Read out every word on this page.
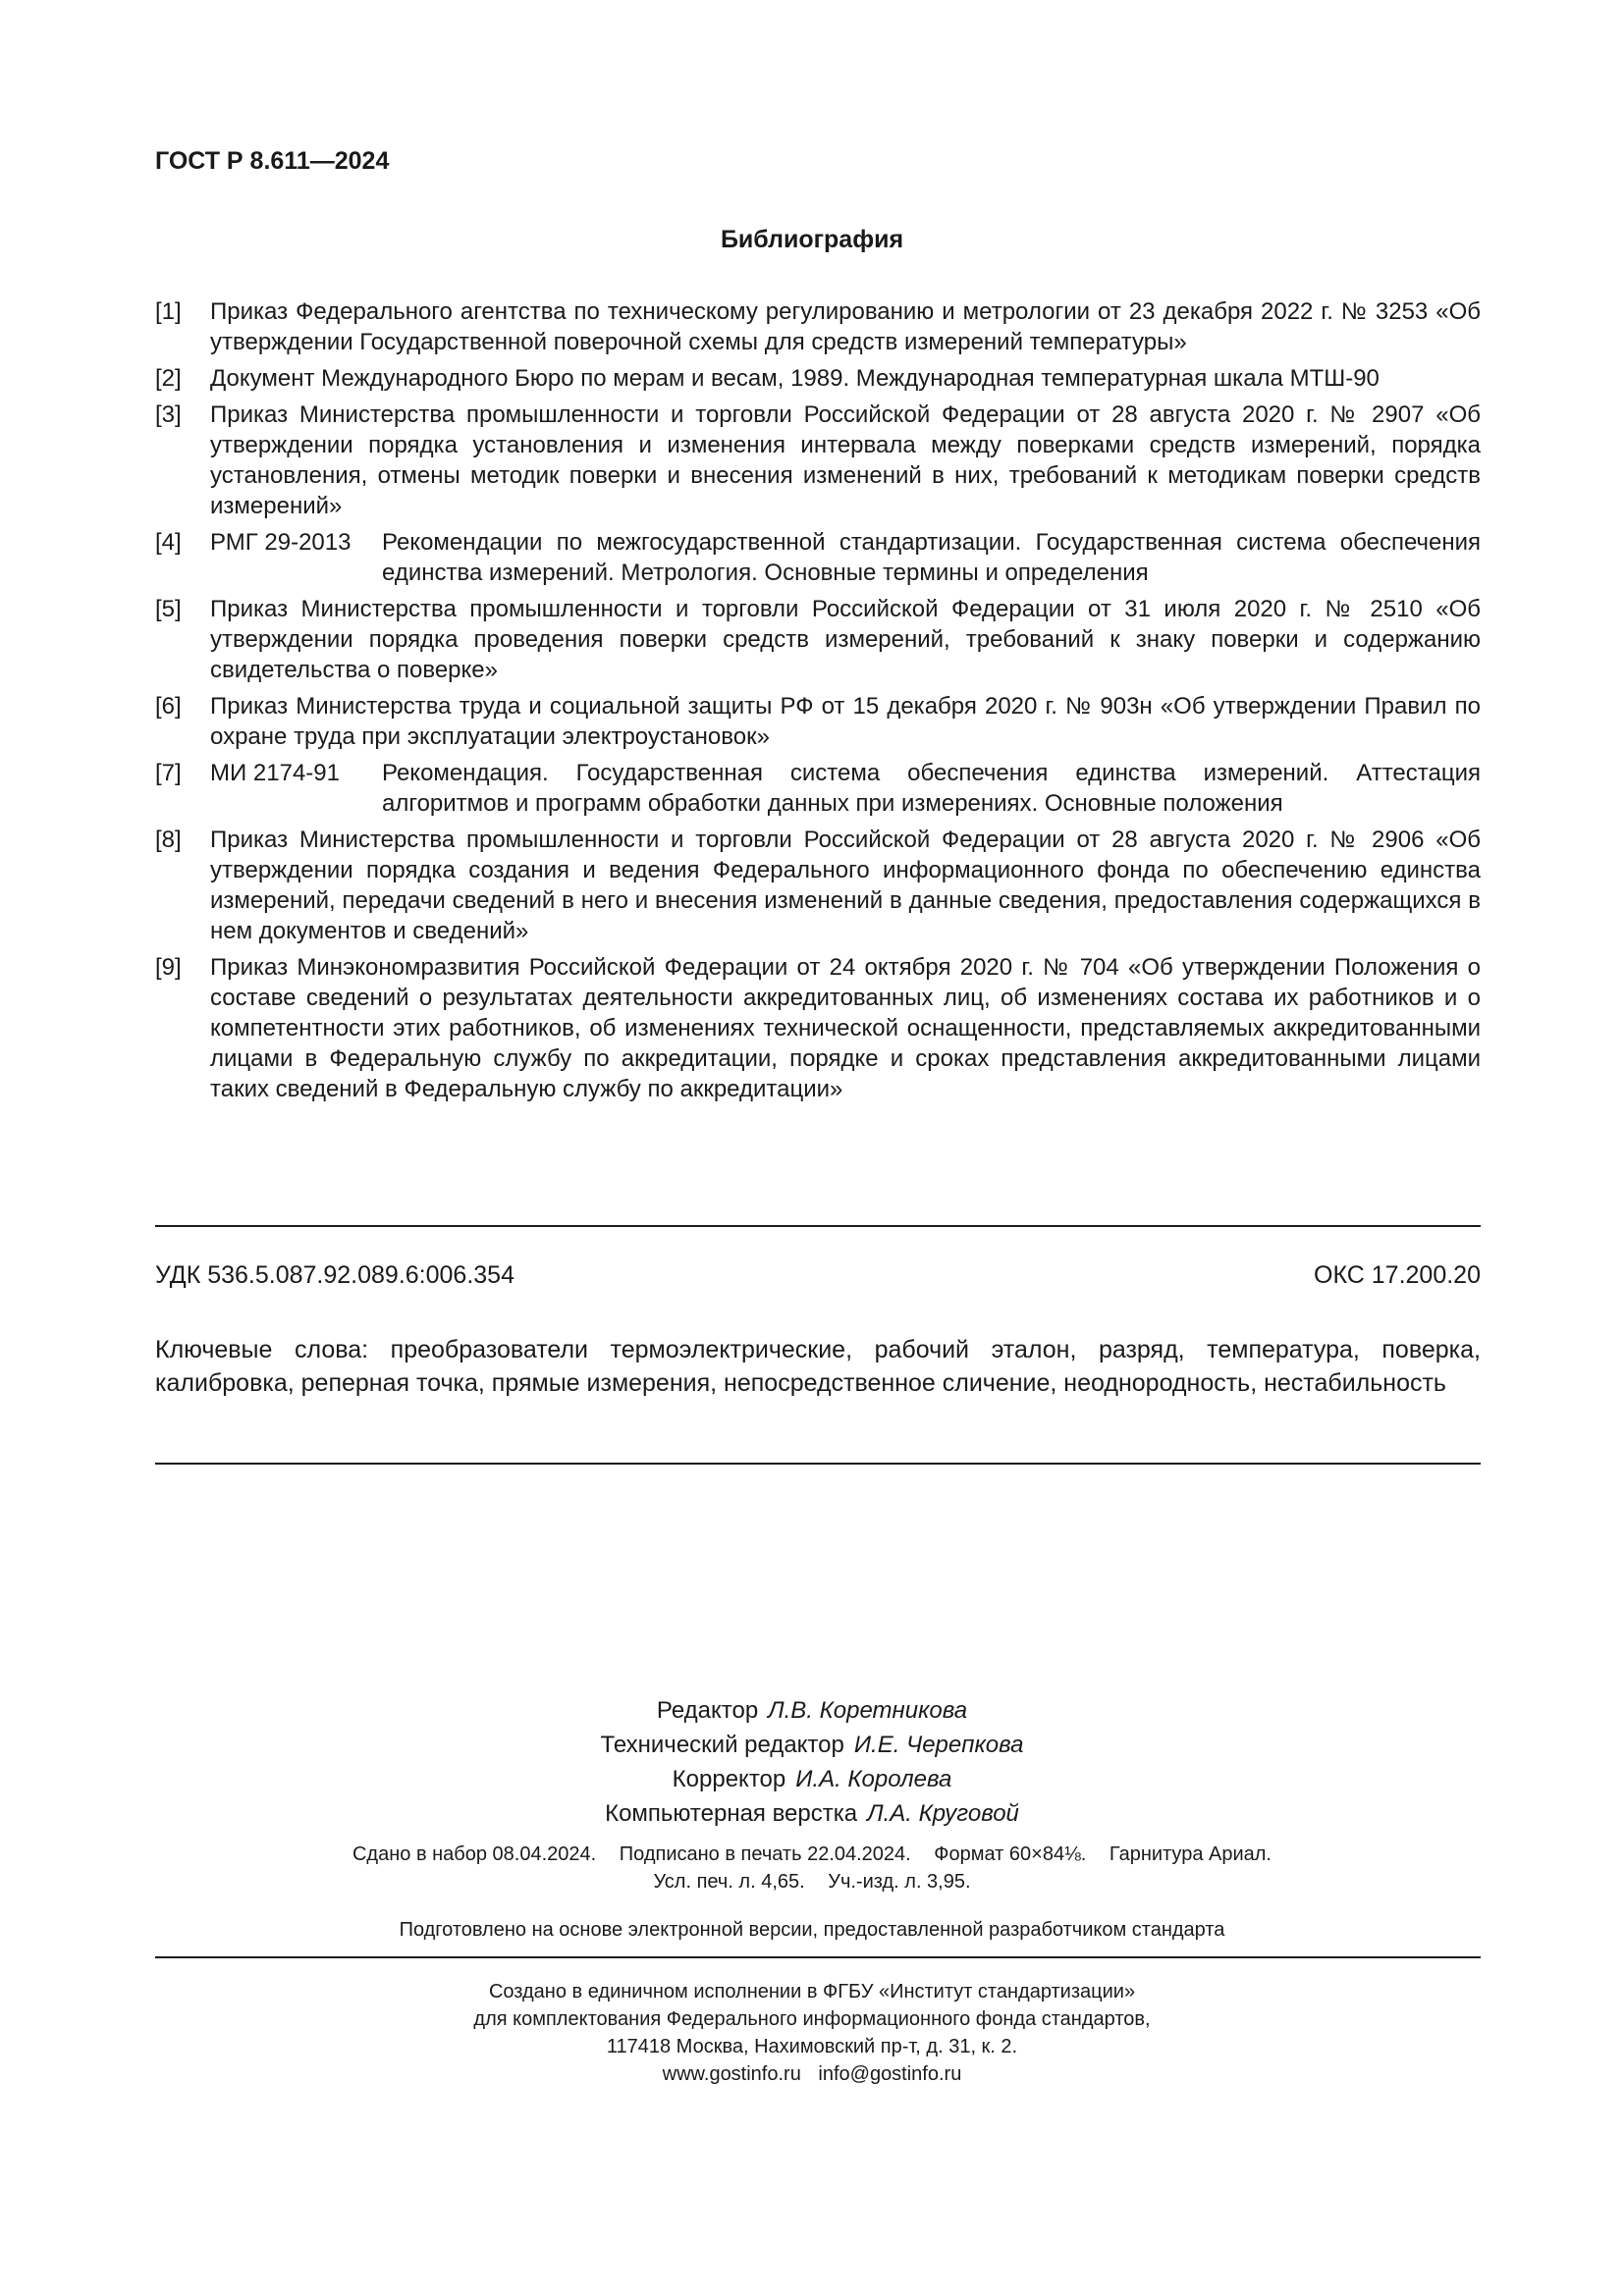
ГОСТ Р 8.611—2024
Библиография
[1]	Приказ Федерального агентства по техническому регулированию и метрологии от 23 декабря 2022 г. № 3253 «Об утверждении Государственной поверочной схемы для средств измерений температуры»
[2]	Документ Международного Бюро по мерам и весам, 1989. Международная температурная шкала МТШ-90
[3]	Приказ Министерства промышленности и торговли Российской Федерации от 28 августа 2020 г. № 2907 «Об утверждении порядка установления и изменения интервала между поверками средств измерений, порядка установления, отмены методик поверки и внесения изменений в них, требований к методикам поверки средств измерений»
[4]	РМГ 29-2013	Рекомендации по межгосударственной стандартизации. Государственная система обеспечения единства измерений. Метрология. Основные термины и определения
[5]	Приказ Министерства промышленности и торговли Российской Федерации от 31 июля 2020 г. № 2510 «Об утверждении порядка проведения поверки средств измерений, требований к знаку поверки и содержанию свидетельства о поверке»
[6]	Приказ Министерства труда и социальной защиты РФ от 15 декабря 2020 г. № 903н «Об утверждении Правил по охране труда при эксплуатации электроустановок»
[7]	МИ 2174-91	Рекомендация. Государственная система обеспечения единства измерений. Аттестация алгоритмов и программ обработки данных при измерениях. Основные положения
[8]	Приказ Министерства промышленности и торговли Российской Федерации от 28 августа 2020 г. № 2906 «Об утверждении порядка создания и ведения Федерального информационного фонда по обеспечению единства измерений, передачи сведений в него и внесения изменений в данные сведения, предоставления содержащихся в нем документов и сведений»
[9]	Приказ Минэкономразвития Российской Федерации от 24 октября 2020 г. № 704 «Об утверждении Положения о составе сведений о результатах деятельности аккредитованных лиц, об изменениях состава их работников и о компетентности этих работников, об изменениях технической оснащенности, представляемых аккредитованными лицами в Федеральную службу по аккредитации, порядке и сроках представления аккредитованными лицами таких сведений в Федеральную службу по аккредитации»
УДК 536.5.087.92.089.6:006.354	ОКС 17.200.20
Ключевые слова: преобразователи термоэлектрические, рабочий эталон, разряд, температура, поверка, калибровка, реперная точка, прямые измерения, непосредственное сличение, неоднородность, нестабильность
Редактор Л.В. Коретникова
Технический редактор И.Е. Черепкова
Корректор И.А. Королева
Компьютерная верстка Л.А. Круговой
Сдано в набор 08.04.2024. Подписано в печать 22.04.2024. Формат 60×84⅛. Гарнитура Ариал.
Усл. печ. л. 4,65. Уч.-изд. л. 3,95.
Подготовлено на основе электронной версии, предоставленной разработчиком стандарта
Создано в единичном исполнении в ФГБУ «Институт стандартизации»
для комплектования Федерального информационного фонда стандартов,
117418 Москва, Нахимовский пр-т, д. 31, к. 2.
www.gostinfo.ru info@gostinfo.ru
